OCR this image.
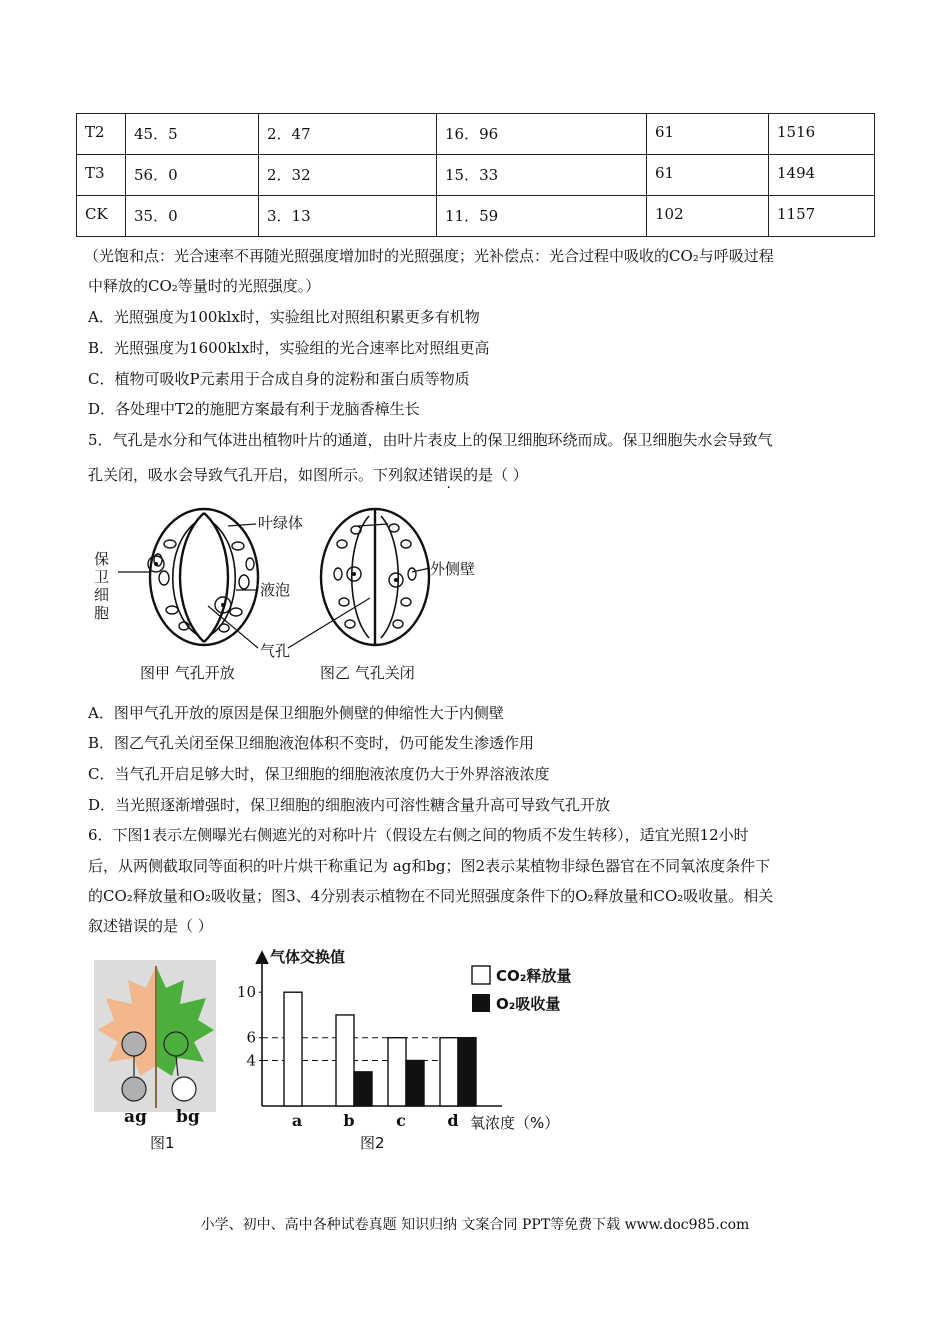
T2	45．5	2．47	16．96	61	1516
T3	56．0	2．32	15．33	61	1494
CK	35．0	3．13	11．59	102	1157
（光饱和点：光合速率不再随光照强度增加时的光照强度；光补偿点：光合过程中吸收的CO₂与呼吸过程
中释放的CO₂等量时的光照强度。）
A．光照强度为100klx时，实验组比对照组积累更多有机物
B．光照强度为1600klx时，实验组的光合速率比对照组更高
C．植物可吸收P元素用于合成自身的淀粉和蛋白质等物质
D．各处理中T2的施肥方案最有利于龙脑香樟生长
5．气孔是水分和气体进出植物叶片的通道，由叶片表皮上的保卫细胞环绕而成。保卫细胞失水会导致气
孔关闭，吸水会导致气孔开启，如图所示。下列叙述错误的是（ ）
保
卫
细
胞
叶绿体
液泡
气孔
外侧壁
图甲 气孔开放	图乙 气孔关闭
A．图甲气孔开放的原因是保卫细胞外侧壁的伸缩性大于内侧壁
B．图乙气孔关闭至保卫细胞液泡体积不变时，仍可能发生渗透作用
C．当气孔开启足够大时，保卫细胞的细胞液浓度仍大于外界溶液浓度
D．当光照逐渐增强时，保卫细胞的细胞液内可溶性糖含量升高可导致气孔开放
6．下图1表示左侧曝光右侧遮光的对称叶片（假设左右侧之间的物质不发生转移），适宜光照12小时
后，从两侧截取同等面积的叶片烘干称重记为 ag和bg；图2表示某植物非绿色器官在不同氧浓度条件下
的CO₂释放量和O₂吸收量；图3、4分别表示植物在不同光照强度条件下的O₂释放量和CO₂吸收量。相关
叙述错误的是（ ）
ag bg
图1
4
6
10
a	b	c	d
气体交换值
氧浓度（%）
图2
CO₂释放量
O₂吸收量
小学、初中、高中各种试卷真题 知识归纳 文案合同 PPT等免费下载 www.doc985.com
